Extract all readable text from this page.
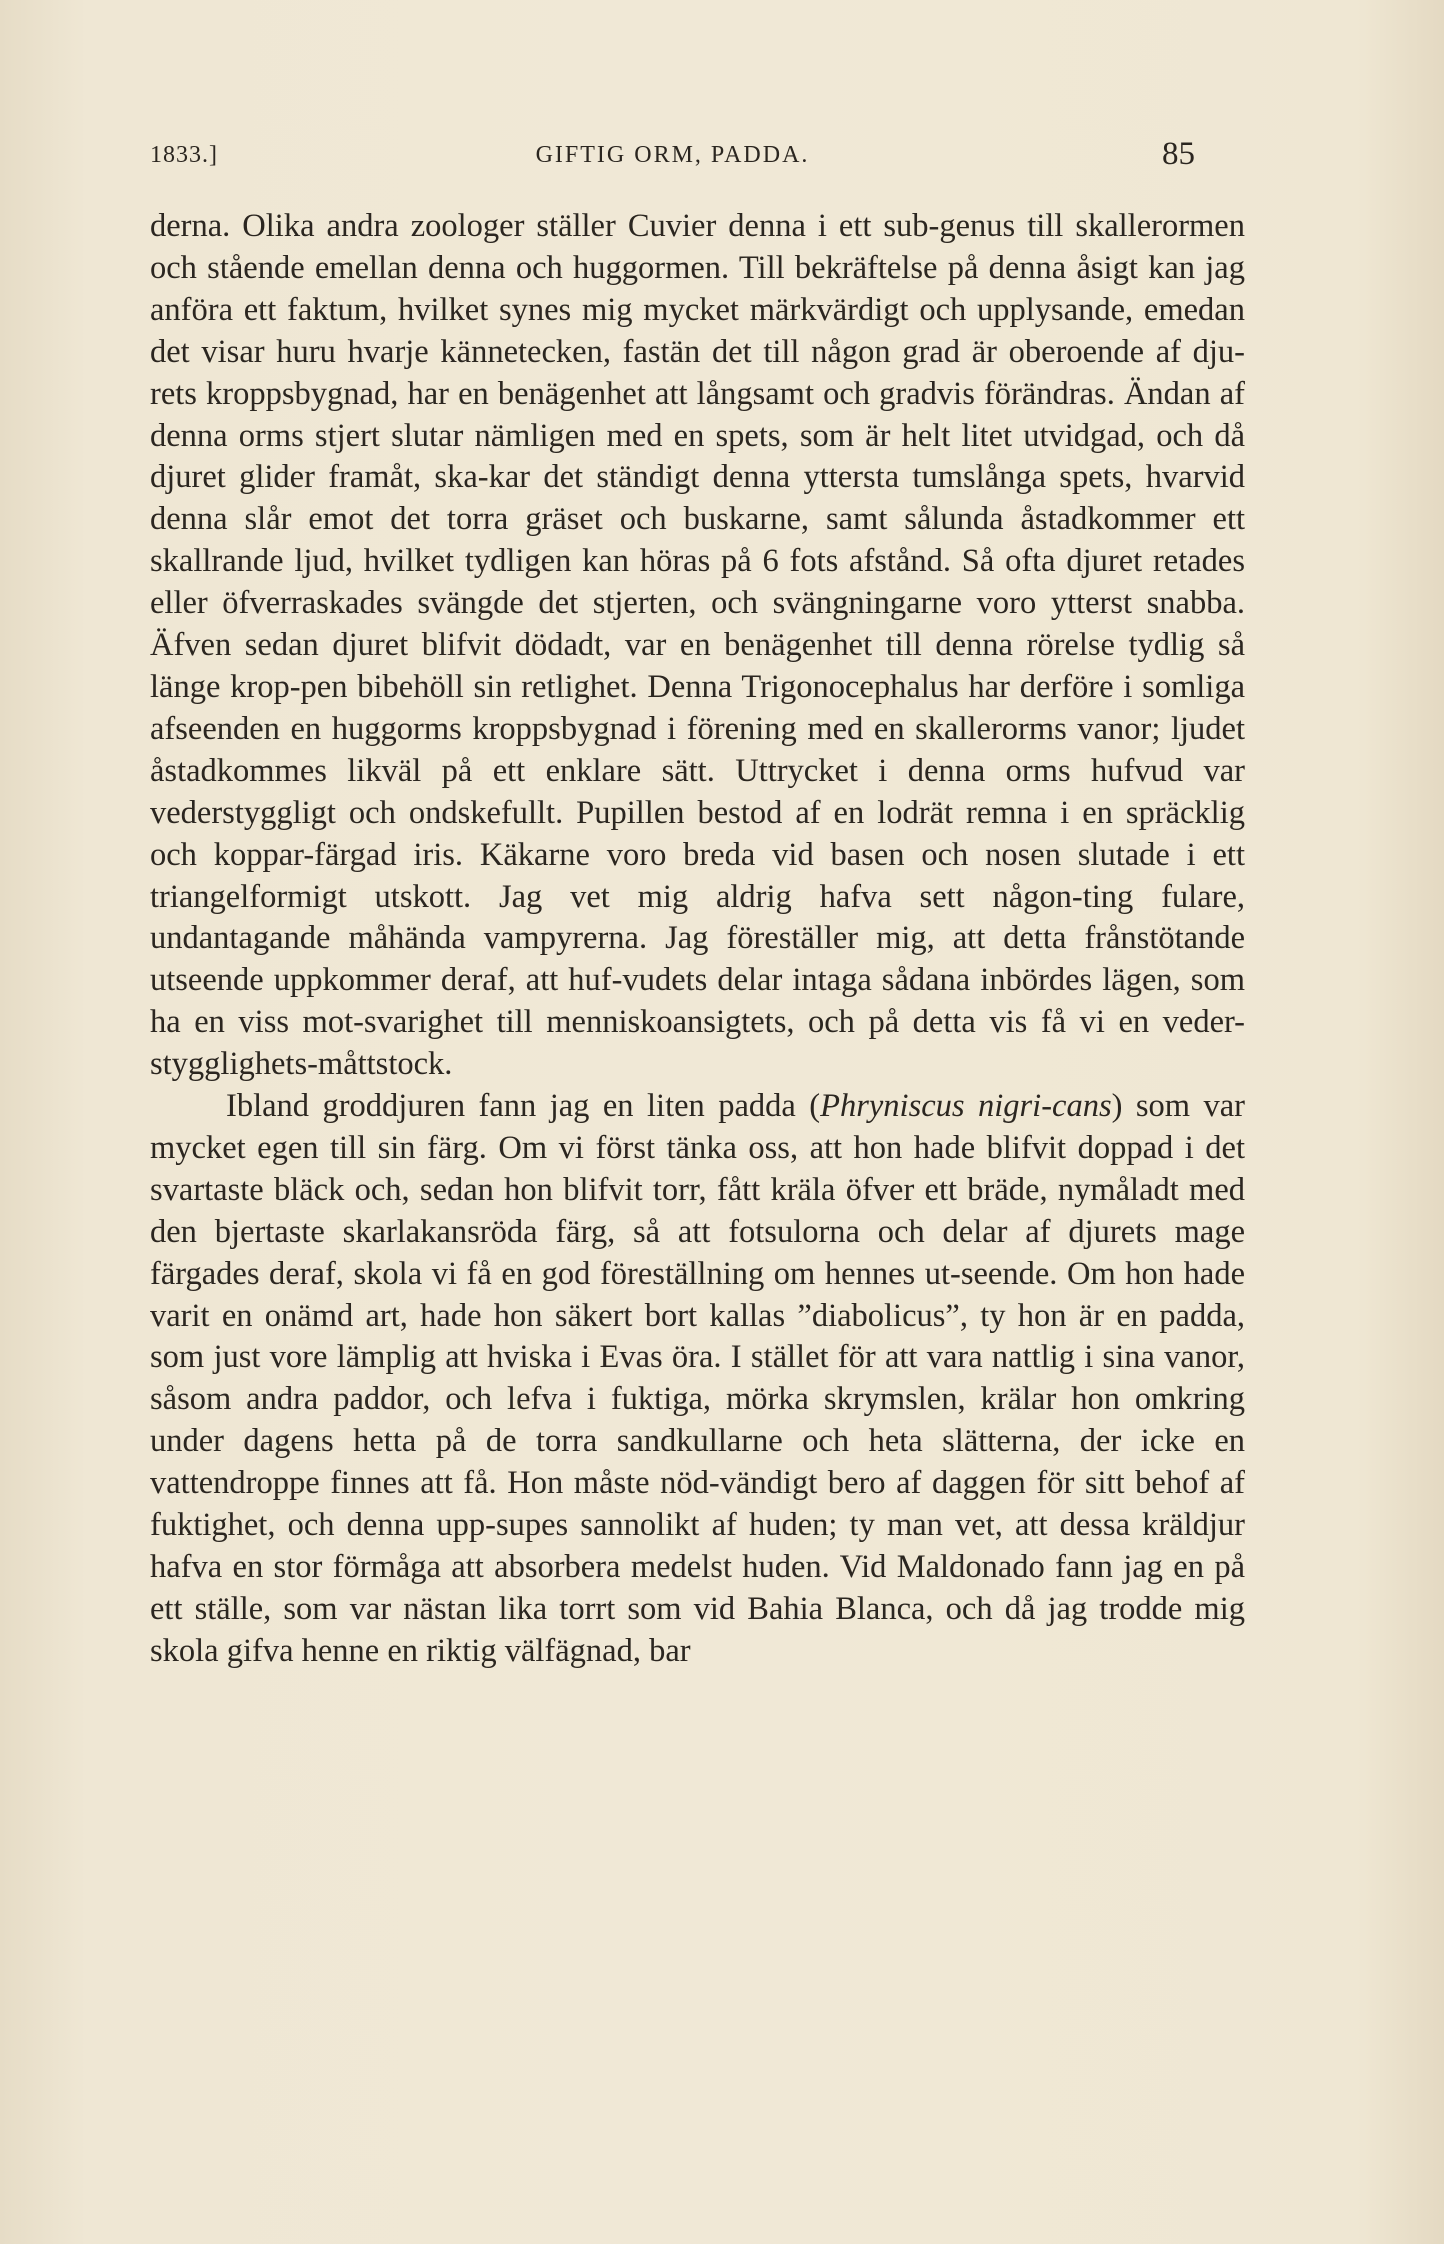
1833.]	GIFTIG ORM, PADDA.	85

derna. Olika andra zoologer ställer Cuvier denna i ett sub-genus till skallerormen och stående emellan denna och huggormen. Till bekräftelse på denna åsigt kan jag anföra ett faktum, hvilket synes mig mycket märkvärdigt och upplysande, emedan det visar huru hvarje kännetecken, fastän det till någon grad är oberoende af dju-rets kroppsbygnad, har en benägenhet att långsamt och gradvis förändras. Ändan af denna orms stjert slutar nämligen med en spets, som är helt litet utvidgad, och då djuret glider framåt, ska-kar det ständigt denna yttersta tumslånga spets, hvarvid denna slår emot det torra gräset och buskarne, samt sålunda åstadkommer ett skallrande ljud, hvilket tydligen kan höras på 6 fots afstånd. Så ofta djuret retades eller öfverraskades svängde det stjerten, och svängningarne voro ytterst snabba. Äfven sedan djuret blifvit dödadt, var en benägenhet till denna rörelse tydlig så länge krop-pen bibehöll sin retlighet. Denna Trigonocephalus har derföre i somliga afseenden en huggorms kroppsbygnad i förening med en skallerorms vanor; ljudet åstadkommes likväl på ett enklare sätt. Uttrycket i denna orms hufvud var vederstyggligt och ondskefullt. Pupillen bestod af en lodrät remna i en spräcklig och koppar-färgad iris. Käkarne voro breda vid basen och nosen slutade i ett triangelformigt utskott. Jag vet mig aldrig hafva sett någon-ting fulare, undantagande måhända vampyrerna. Jag föreställer mig, att detta frånstötande utseende uppkommer deraf, att huf-vudets delar intaga sådana inbördes lägen, som ha en viss mot-svarighet till menniskoansigtets, och på detta vis få vi en veder-stygglighets-måttstock.

Ibland groddjuren fann jag en liten padda (Phryniscus nigri-cans) som var mycket egen till sin färg. Om vi först tänka oss, att hon hade blifvit doppad i det svartaste bläck och, sedan hon blifvit torr, fått kräla öfver ett bräde, nymåladt med den bjertaste skarlakansröda färg, så att fotsulorna och delar af djurets mage färgades deraf, skola vi få en god föreställning om hennes ut-seende. Om hon hade varit en onämd art, hade hon säkert bort kallas ”diabolicus”, ty hon är en padda, som just vore lämplig att hviska i Evas öra. I stället för att vara nattlig i sina vanor, såsom andra paddor, och lefva i fuktiga, mörka skrymslen, krälar hon omkring under dagens hetta på de torra sandkullarne och heta slätterna, der icke en vattendroppe finnes att få. Hon måste nöd-vändigt bero af daggen för sitt behof af fuktighet, och denna upp-supes sannolikt af huden; ty man vet, att dessa kräldjur hafva en stor förmåga att absorbera medelst huden. Vid Maldonado fann jag en på ett ställe, som var nästan lika torrt som vid Bahia Blanca, och då jag trodde mig skola gifva henne en riktig välfägnad, bar
